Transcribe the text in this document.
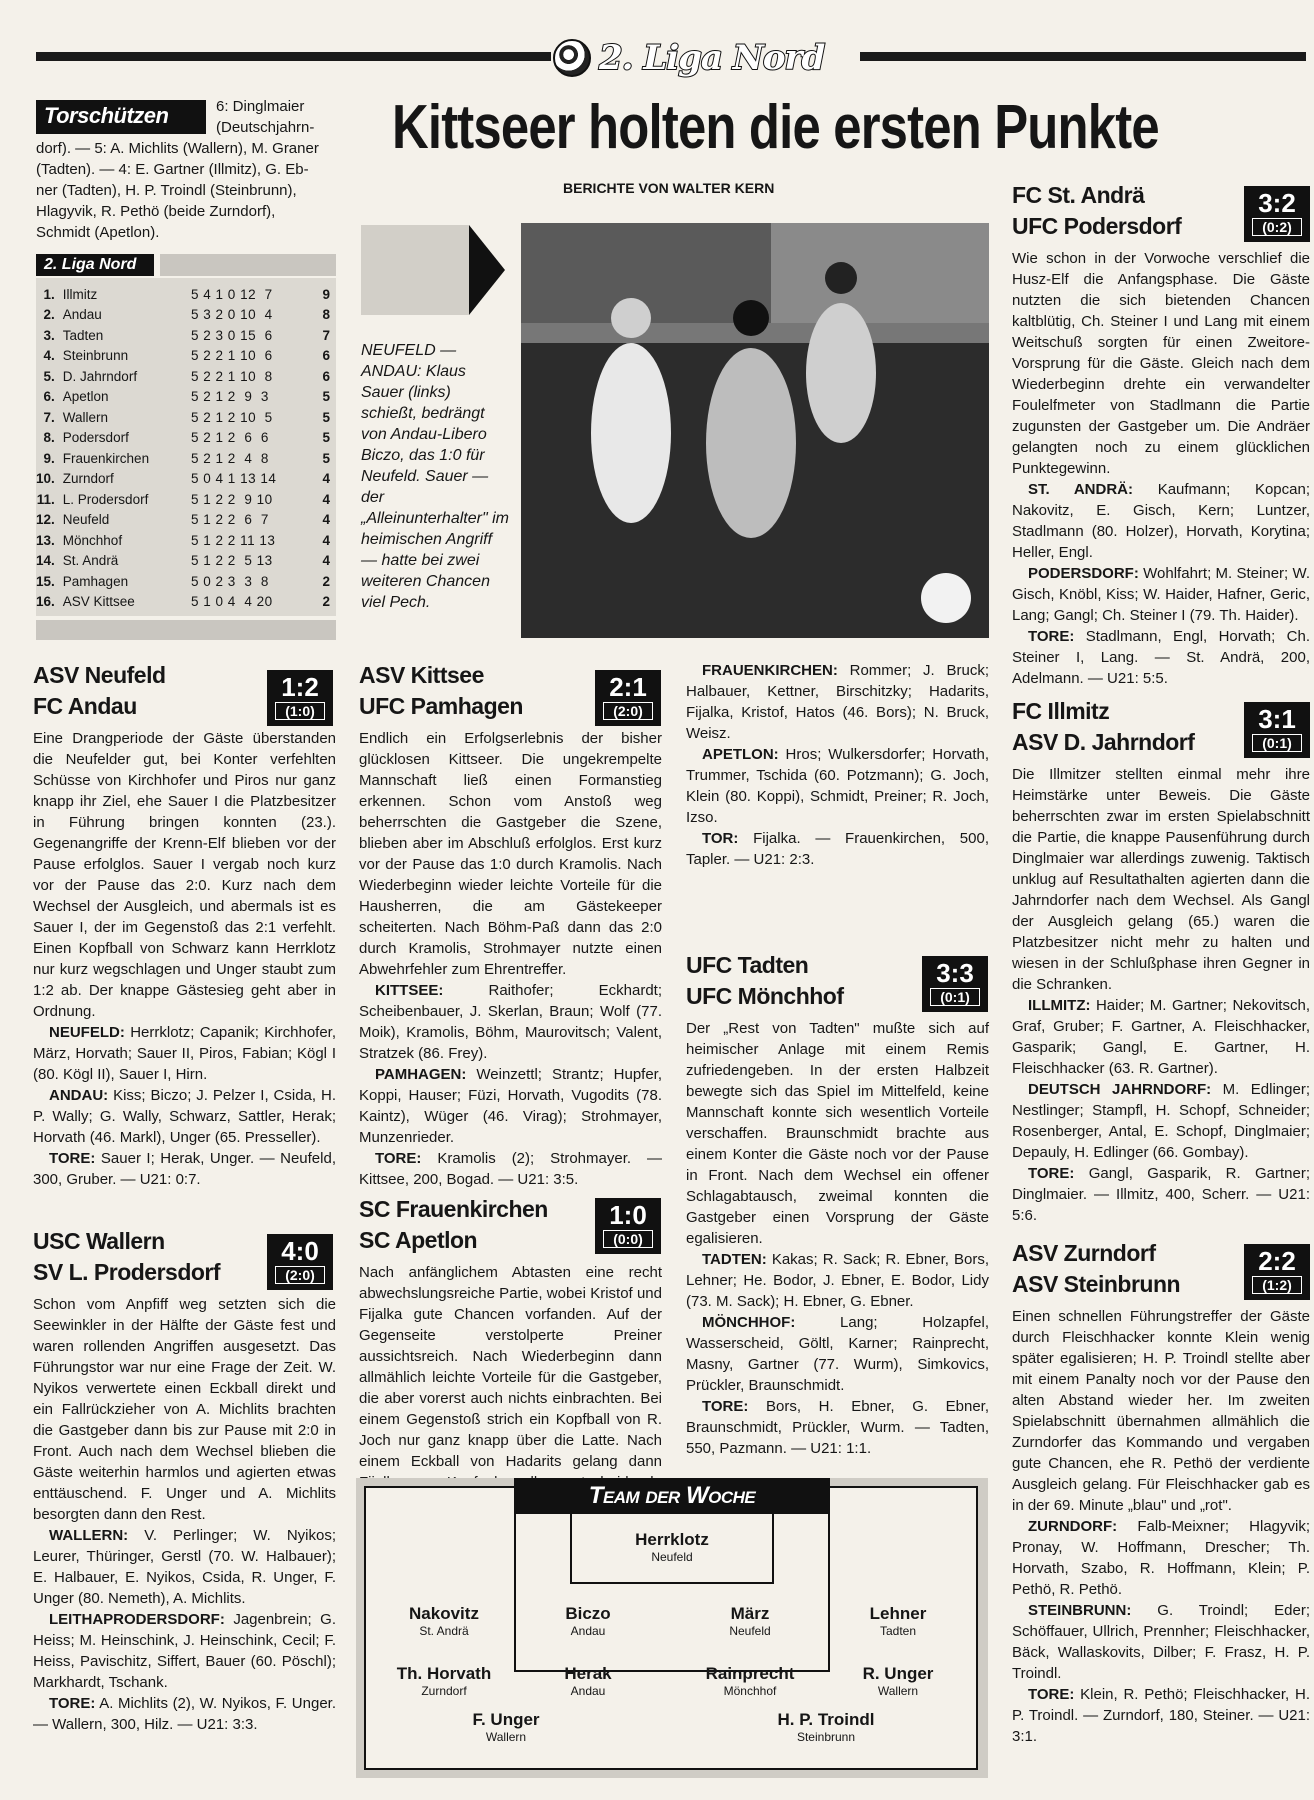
2. Liga Nord
Torschützen	6: Dinglmaier
(Deutschjahrn-
dorf). — 5: A. Michlits (Wallern), M. Graner
(Tadten). — 4: E. Gartner (Illmitz), G. Eb-
ner (Tadten), H. P. Troindl (Steinbrunn),
Hlagyvik, R. Pethö (beide Zurndorf),
Schmidt (Apetlon).
2. Liga Nord
1.	Illmitz	5 4 1 0 12  7	9
2.	Andau	5 3 2 0 10  4	8
3.	Tadten	5 2 3 0 15  6	7
4.	Steinbrunn	5 2 2 1 10  6	6
5.	D. Jahrndorf	5 2 2 1 10  8	6
6.	Apetlon	5 2 1 2  9  3	5
7.	Wallern	5 2 1 2 10  5	5
8.	Podersdorf	5 2 1 2  6  6	5
9.	Frauenkirchen	5 2 1 2  4  8	5
10.	Zurndorf	5 0 4 1 13 14	4
11.	L. Prodersdorf	5 1 2 2  9 10	4
12.	Neufeld	5 1 2 2  6  7	4
13.	Mönchhof	5 1 2 2 11 13	4
14.	St. Andrä	5 1 2 2  5 13	4
15.	Pamhagen	5 0 2 3  3  8	2
16.	ASV Kittsee	5 1 0 4  4 20	2
Kittseer holten die ersten Punkte
BERICHTE VON WALTER KERN
NEUFELD — ANDAU: Klaus Sauer (links) schießt, bedrängt von Andau-Libero Biczo, das 1:0 für Neufeld. Sauer — der „Alleinunterhalter" im heimischen Angriff — hatte bei zwei weiteren Chancen viel Pech.
ASV Neufeld
FC Andau
1:2
(1:0)

Eine Drangperiode der Gäste überstanden die Neufelder gut, bei Konter verfehlten Schüsse von Kirchhofer und Piros nur ganz knapp ihr Ziel, ehe Sauer I die Platzbesitzer in Führung bringen konnten (23.). Gegenangriffe der Krenn-Elf blieben vor der Pause erfolglos. Sauer I vergab noch kurz vor der Pause das 2:0. Kurz nach dem Wechsel der Ausgleich, und abermals ist es Sauer I, der im Gegenstoß das 2:1 verfehlt. Einen Kopfball von Schwarz kann Herrklotz nur kurz wegschlagen und Unger staubt zum 1:2 ab. Der knappe Gästesieg geht aber in Ordnung.

NEUFELD: Herrklotz; Capanik; Kirchhofer, März, Horvath; Sauer II, Piros, Fabian; Kögl I (80. Kögl II), Sauer I, Hirn.

ANDAU: Kiss; Biczo; J. Pelzer I, Csida, H. P. Wally; G. Wally, Schwarz, Sattler, Herak; Horvath (46. Markl), Unger (65. Presseller).

TORE: Sauer I; Herak, Unger. — Neufeld, 300, Gruber. — U21: 0:7.

USC Wallern
SV L. Prodersdorf
4:0
(2:0)

Schon vom Anpfiff weg setzten sich die Seewinkler in der Hälfte der Gäste fest und waren rollenden Angriffen ausgesetzt. Das Führungstor war nur eine Frage der Zeit. W. Nyikos verwertete einen Eckball direkt und ein Fallrückzieher von A. Michlits brachten die Gastgeber dann bis zur Pause mit 2:0 in Front. Auch nach dem Wechsel blieben die Gäste weiterhin harmlos und agierten etwas enttäuschend. F. Unger und A. Michlits besorgten dann den Rest.

WALLERN: V. Perlinger; W. Nyikos; Leurer, Thüringer, Gerstl (70. W. Halbauer); E. Halbauer, E. Nyikos, Csida, R. Unger, F. Unger (80. Nemeth), A. Michlits.

LEITHAPRODERSDORF: Jagenbrein; G. Heiss; M. Heinschink, J. Heinschink, Cecil; F. Heiss, Pavischitz, Siffert, Bauer (60. Pöschl); Markhardt, Tschank.

TORE: A. Michlits (2), W. Nyikos, F. Unger. — Wallern, 300, Hilz. — U21: 3:3.

ASV Kittsee
UFC Pamhagen
2:1
(2:0)

Endlich ein Erfolgserlebnis der bisher glücklosen Kittseer. Die ungekrempelte Mannschaft ließ einen Formanstieg erkennen. Schon vom Anstoß weg beherrschten die Gastgeber die Szene, blieben aber im Abschluß erfolglos. Erst kurz vor der Pause das 1:0 durch Kramolis. Nach Wiederbeginn wieder leichte Vorteile für die Hausherren, die am Gästekeeper scheiterten. Nach Böhm-Paß dann das 2:0 durch Kramolis, Strohmayer nutzte einen Abwehrfehler zum Ehrentreffer.

KITTSEE:	Raithofer; Eckhardt; Scheibenbauer, J. Skerlan, Braun; Wolf (77. Moik), Kramolis, Böhm, Maurovitsch; Valent, Stratzek (86. Frey).

PAMHAGEN: Weinzettl; Strantz; Hupfer, Koppi, Hauser; Füzi, Horvath, Vugodits (78. Kaintz), Wüger (46. Virag); Strohmayer, Munzenrieder.

TORE: Kramolis (2); Strohmayer. — Kittsee, 200, Bogad. — U21: 3:5.

SC Frauenkirchen
SC Apetlon
1:0
(0:0)

Nach anfänglichem Abtasten eine recht abwechslungsreiche Partie, wobei Kristof und Fijalka gute Chancen vorfanden. Auf der Gegenseite verstolperte Preiner aussichtsreich. Nach Wiederbeginn dann allmählich leichte Vorteile für die Gastgeber, die aber vorerst auch nichts einbrachten. Bei einem Gegenstoß strich ein Kopfball von R. Joch nur ganz knapp über die Latte. Nach einem Eckball von Hadarits gelang dann

FRAUENKIRCHEN: Rommer; J. Bruck; Halbauer, Kettner, Birschitzky; Hadarits, Fijalka, Kristof, Hatos (46. Bors); N. Bruck, Weisz.

APETLON: Hros; Wulkersdorfer; Horvath, Trummer, Tschida (60. Potzmann); G. Joch, Klein (80. Koppi), Schmidt, Preiner; R. Joch, Izso.

TOR: Fijalka. — Frauenkirchen, 500, Tapler. — U21: 2:3.

UFC Tadten
UFC Mönchhof
3:3
(0:1)

Der „Rest von Tadten" mußte sich auf heimischer Anlage mit einem Remis zufriedengeben. In der ersten Halbzeit bewegte sich das Spiel im Mittelfeld, keine Mannschaft konnte sich wesentlich Vorteile verschaffen. Braunschmidt brachte aus einem Konter die Gäste noch vor der Pause in Front. Nach dem Wechsel ein offener Schlagabtausch, zweimal konnten die Gastgeber einen Vorsprung der Gäste egalisieren.

TADTEN: Kakas; R. Sack; R. Ebner, Bors, Lehner; He. Bodor, J. Ebner, E. Bodor, Lidy (73. M. Sack); H. Ebner, G. Ebner.

MÖNCHHOF:	Lang; Holzapfel, Wasserscheid, Göltl, Karner; Rainprecht, Masny, Gartner (77. Wurm), Simkovics, Prückler, Braunschmidt.

TORE: Bors, H. Ebner, G. Ebner, Braunschmidt, Prückler, Wurm. — Tadten, 550, Pazmann. — U21: 1:1.

FC St. Andrä
UFC Podersdorf
3:2
(0:2)

Wie schon in der Vorwoche verschlief die Husz-Elf die Anfangsphase. Die Gäste nutzten die sich bietenden Chancen kaltblütig, Ch. Steiner I und Lang mit einem Weitschuß sorgten für einen Zweitore-Vorsprung für die Gäste. Gleich nach dem Wiederbeginn drehte ein verwandelter Foulelfmeter von Stadlmann die Partie zugunsten der Gastgeber um. Die Andräer gelangten noch zu einem glücklichen Punktegewinn.

ST. ANDRÄ: Kaufmann; Kopcan; Nakovitz, E. Gisch, Kern; Luntzer, Stadlmann (80. Holzer), Horvath, Korytina; Heller, Engl.

PODERSDORF: Wohlfahrt; M. Steiner; W. Gisch, Knöbl, Kiss; W. Haider, Hafner, Geric, Lang; Gangl; Ch. Steiner I (79. Th. Haider).

TORE: Stadlmann, Engl, Horvath; Ch. Steiner I, Lang. — St. Andrä, 200, Adelmann. — U21: 5:5.

FC Illmitz
ASV D. Jahrndorf
3:1
(0:1)

Die Illmitzer stellten einmal mehr ihre Heimstärke unter Beweis. Die Gäste beherrschten zwar im ersten Spielabschnitt die Partie, die knappe Pausenführung durch Dinglmaier war allerdings zuwenig. Taktisch unklug auf Resultathalten agierten dann die Jahrndorfer nach dem Wechsel. Als Gangl der Ausgleich gelang (65.) waren die Platzbesitzer nicht mehr zu halten und wiesen in der Schlußphase ihren Gegner in die Schranken.

ILLMITZ: Haider; M. Gartner; Nekovitsch, Graf, Gruber; F. Gartner, A. Fleischhacker, Gasparik; Gangl, E. Gartner, H. Fleischhacker (63. R. Gartner).

DEUTSCH JAHRNDORF: M. Edlinger; Nestlinger; Stampfl, H. Schopf, Schneider; Rosenberger, Antal, E. Schopf, Dinglmaier; Depauly, H. Edlinger (66. Gombay).

TORE: Gangl, Gasparik, R. Gartner; Dinglmaier. — Illmitz, 400, Scherr. — U21: 5:6.

ASV Zurndorf
ASV Steinbrunn
2:2
(1:2)

Einen schnellen Führungstreffer der Gäste durch Fleischhacker konnte Klein wenig später egalisieren; H. P. Troindl stellte aber mit einem Panalty noch vor der Pause den alten Abstand wieder her. Im zweiten Spielabschnitt übernahmen allmählich die Zurndorfer das Kommando und vergaben gute Chancen, ehe R. Pethö der verdiente Ausgleich gelang. Für Fleischhacker gab es in der 69. Minute „blau" und „rot".

ZURNDORF: Falb-Meixner; Hlagyvik; Pronay, W. Hoffmann, Drescher; Th. Horvath, Szabo, R. Hoffmann, Klein; P. Pethö, R. Pethö.

STEINBRUNN: G. Troindl; Eder; Schöffauer, Ullrich, Prennher; Fleischhacker, Bäck, Wallaskovits, Dilber; F. Frasz, H. P. Troindl.

TORE: Klein, R. Pethö; Fleischhacker, H. P. Troindl. — Zurndorf, 180, Steiner. — U21: 3:1.

Team der Woche
Herrklotz
Neufeld
Nakovitz
St. Andrä
Biczo
Andau
März
Neufeld
Lehner
Tadten
Th. Horvath
Zurndorf
Herak
Andau
Rainprecht
Mönchhof
R. Unger
Wallern
F. Unger
Wallern
H. P. Troindl
Steinbrunn
